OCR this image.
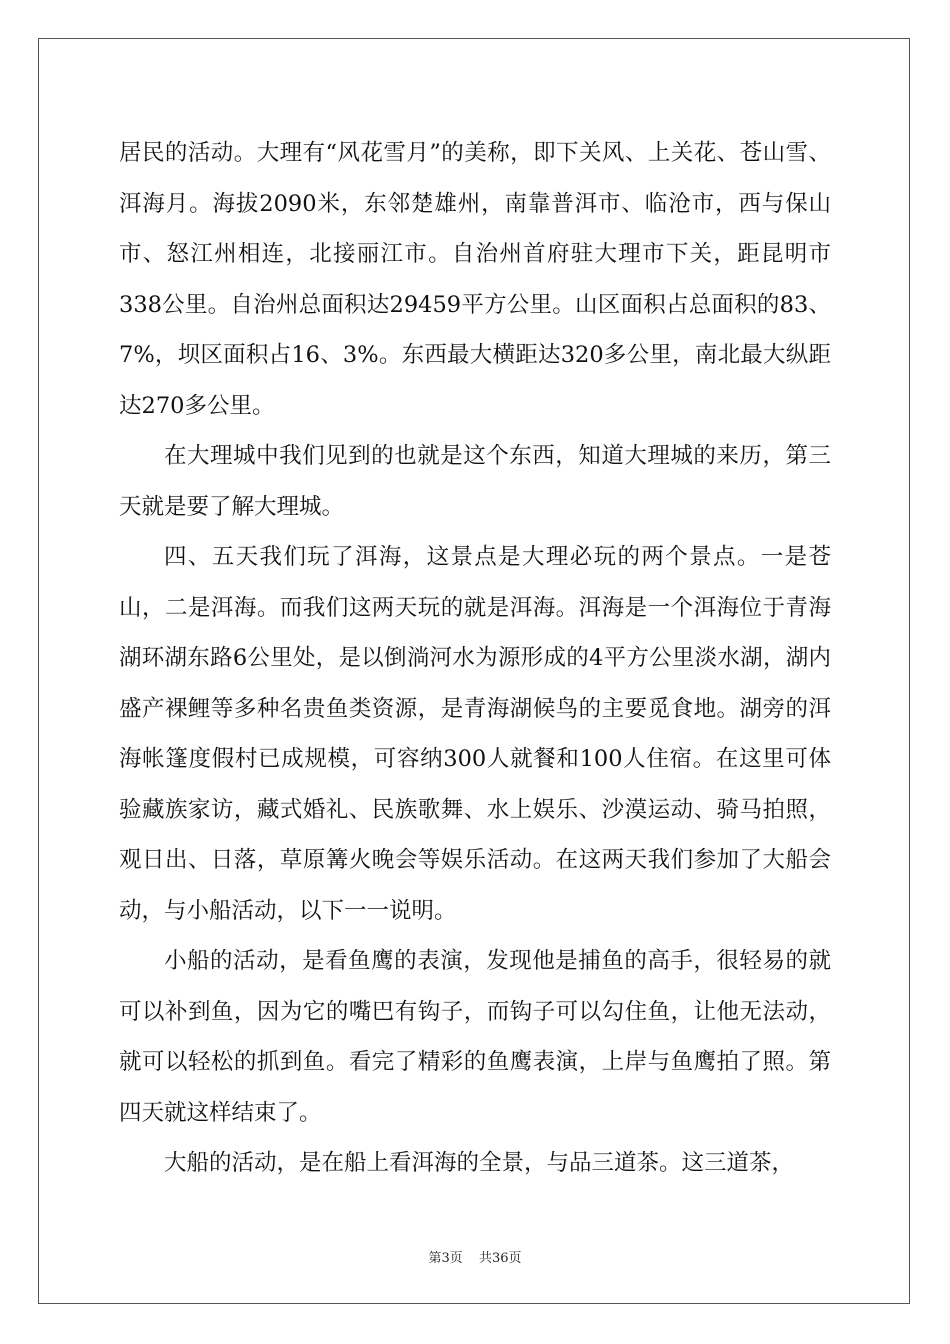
居民的活动。大理有“风花雪月”的美称，即下关风、上关花、苍山雪、洱海月。海拔2090米，东邻楚雄州，南靠普洱市、临沧市，西与保山市、怒江州相连，北接丽江市。自治州首府驻大理市下关，距昆明市338公里。自治州总面积达29459平方公里。山区面积占总面积的83、7%，坝区面积占16、3%。东西最大横距达320多公里，南北最大纵距达270多公里。

在大理城中我们见到的也就是这个东西，知道大理城的来历，第三天就是要了解大理城。

四、五天我们玩了洱海，这景点是大理必玩的两个景点。一是苍山，二是洱海。而我们这两天玩的就是洱海。洱海是一个洱海位于青海湖环湖东路6公里处，是以倒淌河水为源形成的4平方公里淡水湖，湖内盛产裸鲤等多种名贵鱼类资源，是青海湖候鸟的主要觅食地。湖旁的洱海帐篷度假村已成规模，可容纳300人就餐和100人住宿。在这里可体验藏族家访，藏式婚礼、民族歌舞、水上娱乐、沙漠运动、骑马拍照，观日出、日落，草原篝火晚会等娱乐活动。在这两天我们参加了大船会动，与小船活动，以下一一说明。

小船的活动，是看鱼鹰的表演，发现他是捕鱼的高手，很轻易的就可以补到鱼，因为它的嘴巴有钩子，而钩子可以勾住鱼，让他无法动，就可以轻松的抓到鱼。看完了精彩的鱼鹰表演，上岸与鱼鹰拍了照。第四天就这样结束了。

大船的活动，是在船上看洱海的全景，与品三道茶。这三道茶，

第3页 共36页
